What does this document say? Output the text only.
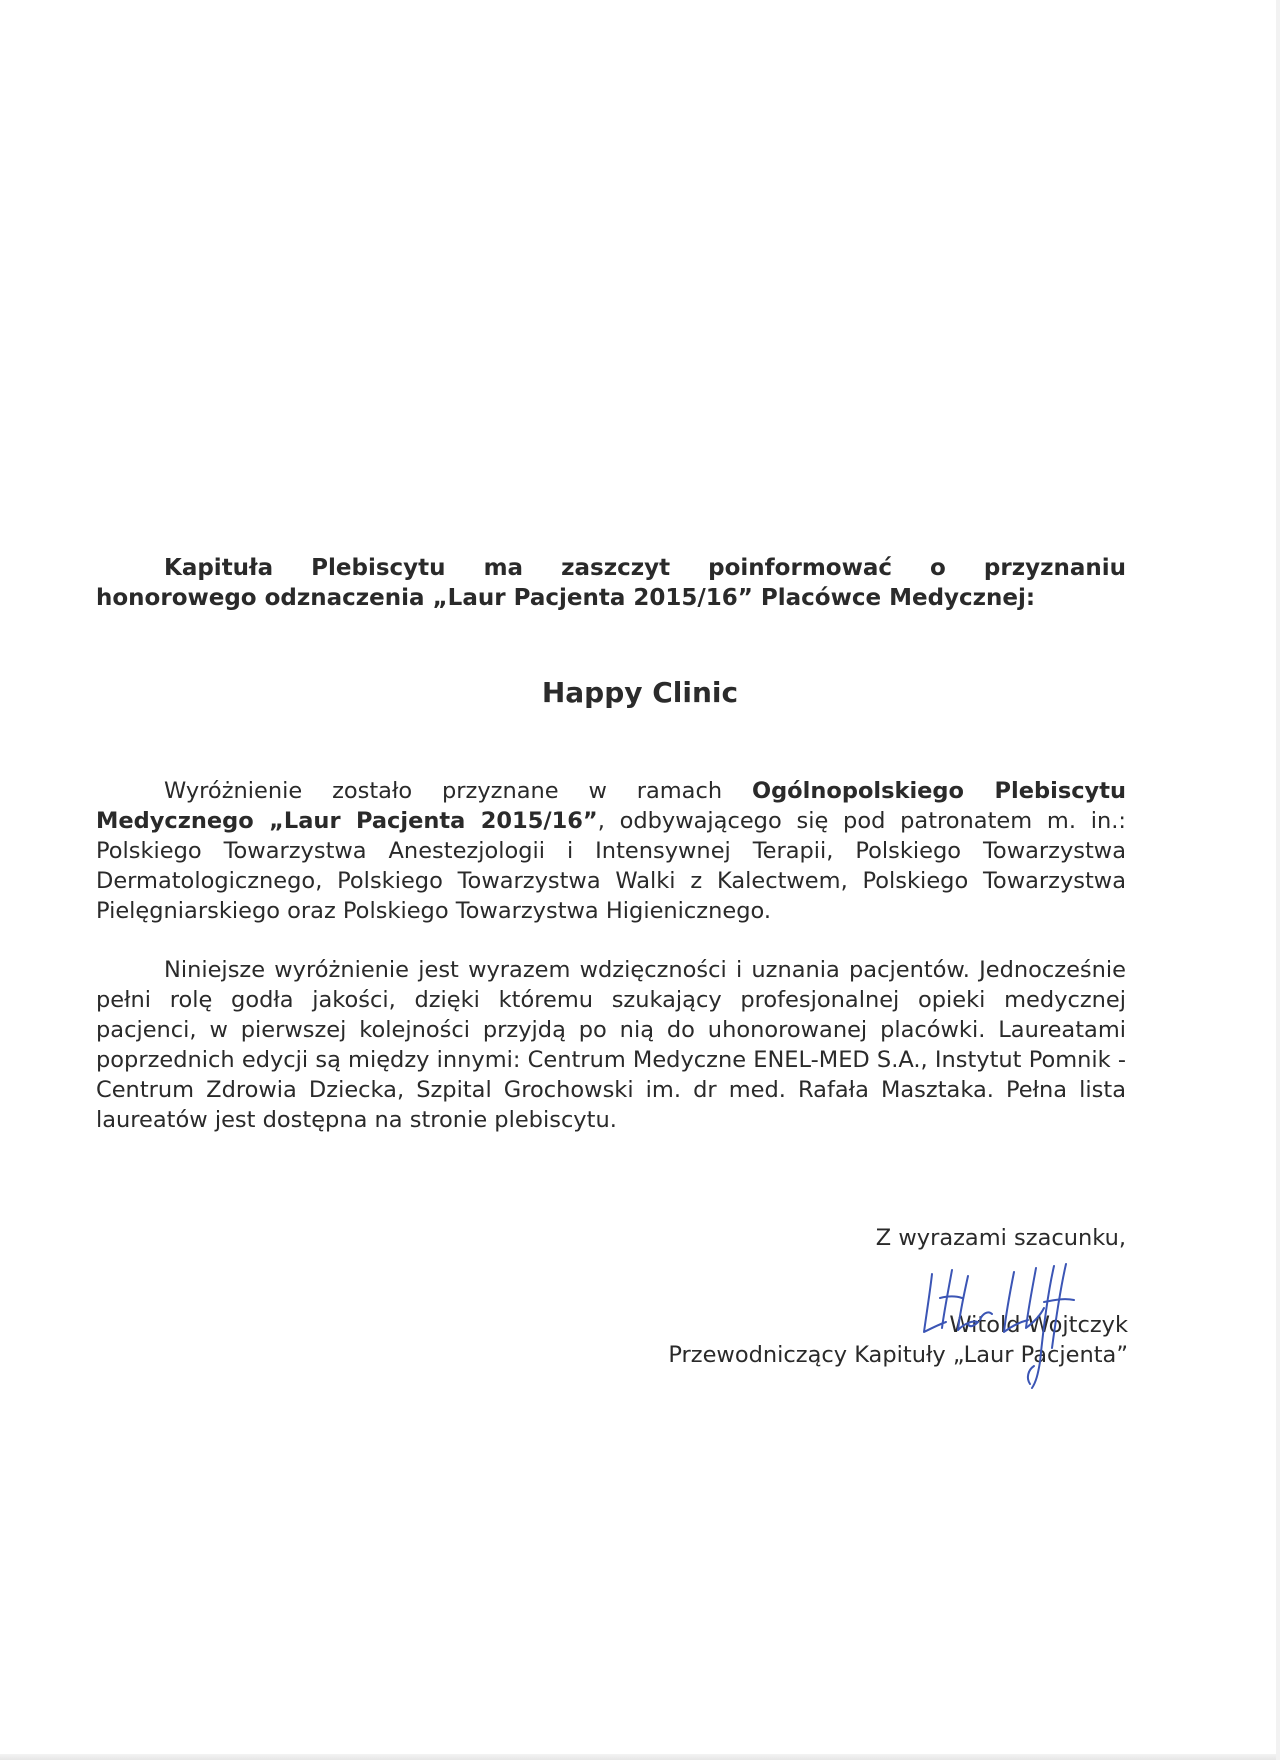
Kapituła Plebiscytu ma zaszczyt poinformować o przyznaniu
honorowego odznaczenia „Laur Pacjenta 2015/16” Placówce Medycznej:
Happy Clinic
Wyróżnienie zostało przyznane w ramach Ogólnopolskiego Plebiscytu Medycznego „Laur Pacjenta 2015/16”, odbywającego się pod patronatem m. in.: Polskiego Towarzystwa Anestezjologii i Intensywnej Terapii, Polskiego Towarzystwa Dermatologicznego, Polskiego Towarzystwa Walki z Kalectwem, Polskiego Towarzystwa Pielęgniarskiego oraz Polskiego Towarzystwa Higienicznego.
Niniejsze wyróżnienie jest wyrazem wdzięczności i uznania pacjentów. Jednocześnie pełni rolę godła jakości, dzięki któremu szukający profesjonalnej opieki medycznej pacjenci, w pierwszej kolejności przyjdą po nią do uhonorowanej placówki. Laureatami poprzednich edycji są między innymi: Centrum Medyczne ENEL-MED S.A., Instytut Pomnik - Centrum Zdrowia Dziecka, Szpital Grochowski im. dr med. Rafała Masztaka. Pełna lista laureatów jest dostępna na stronie plebiscytu.
Z wyrazami szacunku,
Witold Wojtczyk
Przewodniczący Kapituły „Laur Pacjenta”
